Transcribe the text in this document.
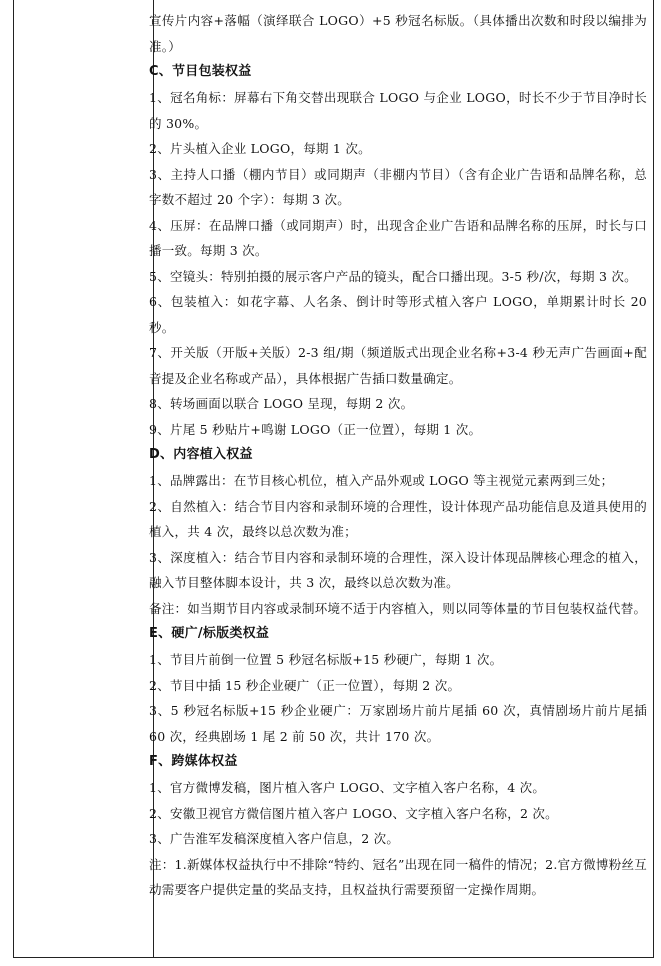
宣传片内容+落幅（演绎联合 LOGO）+5 秒冠名标版。（具体播出次数和时段以编排为准。）

C、节目包装权益

1、冠名角标：屏幕右下角交替出现联合 LOGO 与企业 LOGO，时长不少于节目净时长的 30%。

2、片头植入企业 LOGO，每期 1 次。

3、主持人口播（棚内节目）或同期声（非棚内节目）（含有企业广告语和品牌名称，总字数不超过 20 个字）：每期 3 次。

4、压屏：在品牌口播（或同期声）时，出现含企业广告语和品牌名称的压屏，时长与口播一致。每期 3 次。

5、空镜头：特别拍摄的展示客户产品的镜头，配合口播出现。3-5 秒/次，每期 3 次。

6、包装植入：如花字幕、人名条、倒计时等形式植入客户 LOGO，单期累计时长 20 秒。

7、开关版（开版+关版）2-3 组/期（频道版式出现企业名称+3-4 秒无声广告画面+配音提及企业名称或产品），具体根据广告插口数量确定。

8、转场画面以联合 LOGO 呈现，每期 2 次。

9、片尾 5 秒贴片+鸣谢 LOGO（正一位置），每期 1 次。

D、内容植入权益

1、品牌露出：在节目核心机位，植入产品外观或 LOGO 等主视觉元素两到三处；

2、自然植入：结合节目内容和录制环境的合理性，设计体现产品功能信息及道具使用的植入，共 4 次，最终以总次数为准；

3、深度植入：结合节目内容和录制环境的合理性，深入设计体现品牌核心理念的植入，融入节目整体脚本设计，共 3 次，最终以总次数为准。

备注：如当期节目内容或录制环境不适于内容植入，则以同等体量的节目包装权益代替。

E、硬广/标版类权益

1、节目片前倒一位置 5 秒冠名标版+15 秒硬广，每期 1 次。

2、节目中插 15 秒企业硬广（正一位置），每期 2 次。

3、5 秒冠名标版+15 秒企业硬广：万家剧场片前片尾插 60 次，真情剧场片前片尾插 60 次，经典剧场 1 尾 2 前 50 次，共计 170 次。

F、跨媒体权益

1、官方微博发稿，图片植入客户 LOGO、文字植入客户名称，4 次。

2、安徽卫视官方微信图片植入客户 LOGO、文字植入客户名称，2 次。

3、广告淮军发稿深度植入客户信息，2 次。

注：1.新媒体权益执行中不排除“特约、冠名”出现在同一稿件的情况；2.官方微博粉丝互动需要客户提供定量的奖品支持，且权益执行需要预留一定操作周期。
